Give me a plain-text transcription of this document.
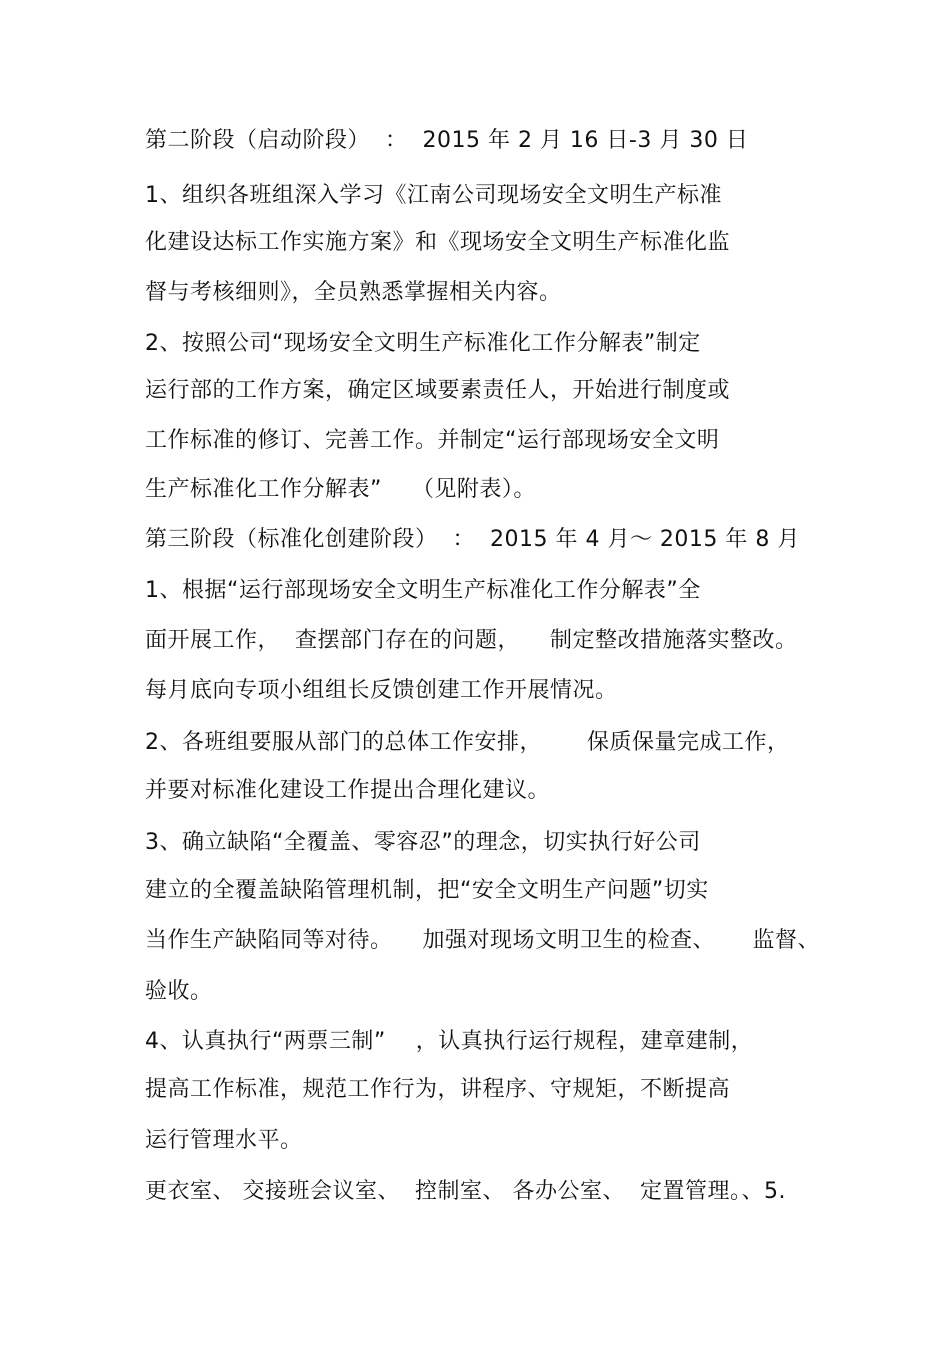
第二阶段（启动阶段）  ：  2015 年 2 月 16 日-3 月 30 日
1、组织各班组深入学习《江南公司现场安全文明生产标准
化建设达标工作实施方案》和《现场安全文明生产标准化监
督与考核细则》，全员熟悉掌握相关内容。
2、按照公司“现场安全文明生产标准化工作分解表”制定
运行部的工作方案，确定区域要素责任人，开始进行制度或
工作标准的修订、完善工作。并制定“运行部现场安全文明
生产标准化工作分解表”    （见附表）。
第三阶段（标准化创建阶段）  ：  2015 年 4 月～ 2015 年 8 月
1、根据“运行部现场安全文明生产标准化工作分解表”全
面开展工作，  查摆部门存在的问题，    制定整改措施落实整改。
每月底向专项小组组长反馈创建工作开展情况。
2、各班组要服从部门的总体工作安排，      保质保量完成工作，
并要对标准化建设工作提出合理化建议。
3、确立缺陷“全覆盖、零容忍”的理念，切实执行好公司
建立的全覆盖缺陷管理机制，把“安全文明生产问题”切实
当作生产缺陷同等对待。    加强对现场文明卫生的检查、     监督、
验收。
4、认真执行“两票三制”    ，认真执行运行规程，建章建制，
提高工作标准，规范工作行为，讲程序、守规矩，不断提高
运行管理水平。
更衣室、 交接班会议室、  控制室、 各办公室、  定置管理。、5.
